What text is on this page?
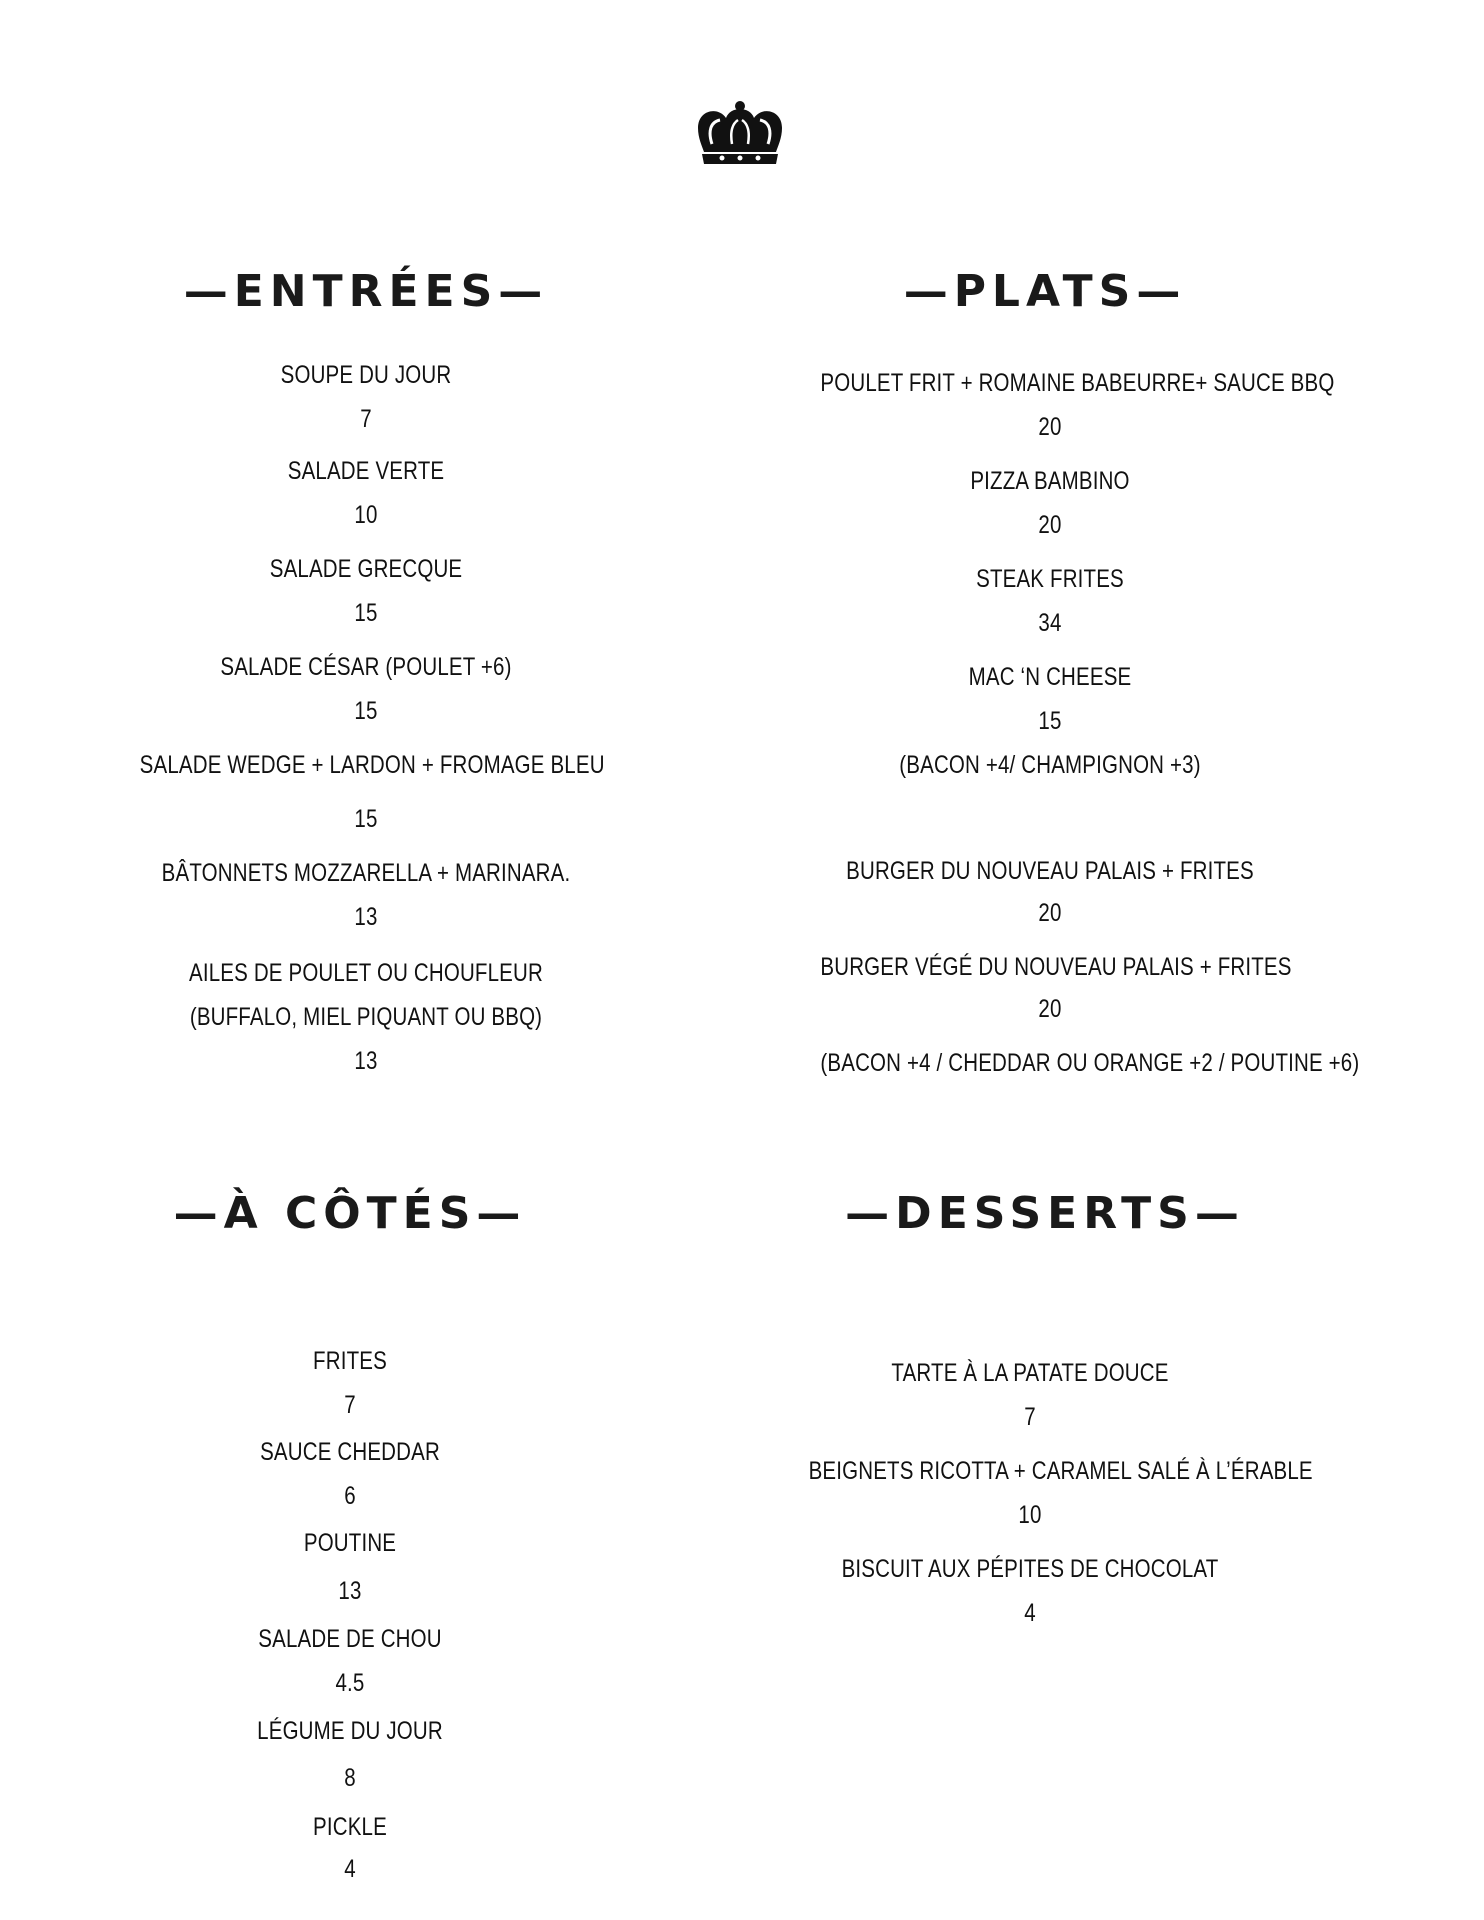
—ENTRÉES—
SOUPE DU JOUR
7
SALADE VERTE
10
SALADE GRECQUE
15
SALADE CÉSAR (POULET +6)
15
SALADE WEDGE + LARDON + FROMAGE BLEU
15
BÂTONNETS MOZZARELLA + MARINARA.
13
AILES DE POULET OU CHOUFLEUR
(BUFFALO, MIEL PIQUANT OU BBQ)
13
—PLATS—
POULET FRIT + ROMAINE BABEURRE+ SAUCE BBQ
20
PIZZA BAMBINO
20
STEAK FRITES
34
MAC ‘N CHEESE
15
(BACON +4/ CHAMPIGNON +3)
BURGER DU NOUVEAU PALAIS + FRITES
20
BURGER VÉGÉ DU NOUVEAU PALAIS + FRITES
20
(BACON +4 / CHEDDAR OU ORANGE +2 / POUTINE +6)
—À CÔTÉS—
FRITES
7
SAUCE CHEDDAR
6
POUTINE
13
SALADE DE CHOU
4.5
LÉGUME DU JOUR
8
PICKLE
4
—DESSERTS—
TARTE À LA PATATE DOUCE
7
BEIGNETS RICOTTA + CARAMEL SALÉ À L’ÉRABLE
10
BISCUIT AUX PÉPITES DE CHOCOLAT
4
